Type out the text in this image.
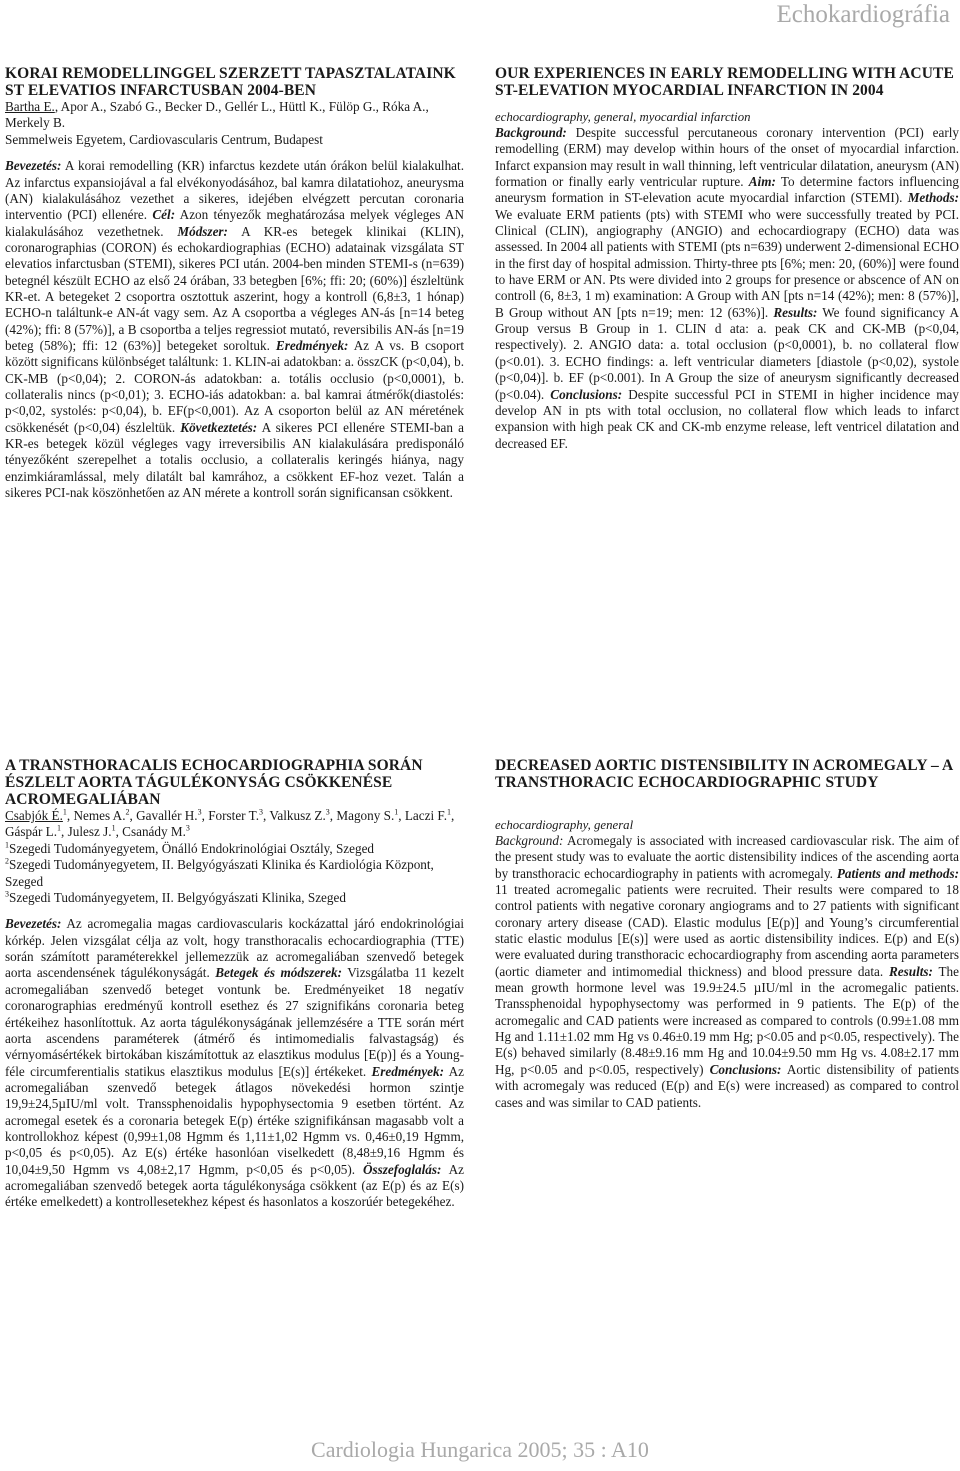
Echokardiográfia
KORAI REMODELLINGGEL SZERZETT TAPASZTALATAINK ST ELEVATIOS INFARCTUSBAN 2004-BEN
Bartha E., Apor A., Szabó G., Becker D., Gellér L., Hüttl K., Fülöp G., Róka A., Merkely B.
Semmelweis Egyetem, Cardiovascularis Centrum, Budapest
Bevezetés: A korai remodelling (KR) infarctus kezdete után órákon belül kialakulhat. Az infarctus expansiojával a fal elvékonyodásához, bal kamra dilatatiohoz, aneurysma (AN) kialakulásához vezethet a sikeres, idejében elvégzett percutan coronaria interventio (PCI) ellenére. Cél: Azon tényezők meghatározása melyek végleges AN kialakulásához vezethetnek. Módszer: A KR-es betegek klinikai (KLIN), coronarographias (CORON) és echokardiographias (ECHO) adatainak vizsgálata ST elevatios infarctusban (STEMI), sikeres PCI után. 2004-ben minden STEMI-s (n=639) betegnél készült ECHO az első 24 órában, 33 betegben [6%; ffi: 20; (60%)] észleltünk KR-et. A betegeket 2 csoportra osztottuk aszerint, hogy a kontroll (6,8±3, 1 hónap) ECHO-n találtunk-e AN-át vagy sem. Az A csoportba a végleges AN-ás [n=14 beteg (42%); ffi: 8 (57%)], a B csoportba a teljes regressiot mutató, reversibilis AN-ás [n=19 beteg (58%); ffi: 12 (63%)] betegeket soroltuk. Eredmények: Az A vs. B csoport között significans különbséget találtunk: 1. KLIN-ai adatokban: a. összCK (p<0,04), b. CK-MB (p<0,04); 2. CORON-ás adatokban: a. totális occlusio (p<0,0001), b. collateralis nincs (p<0,01); 3. ECHO-iás adatokban: a. bal kamrai átmérők(diastolés: p<0,02, systolés: p<0,04), b. EF(p<0,001). Az A csoporton belül az AN méretének csökkenését (p<0,04) észleltük. Következtetés: A sikeres PCI ellenére STEMI-ban a KR-es betegek közül végleges vagy irreversibilis AN kialakulására predisponáló tényezőként szerepelhet a totalis occlusio, a collateralis keringés hiánya, nagy enzimkiáramlással, mely dilatált bal kamrához, a csökkent EF-hoz vezet. Talán a sikeres PCI-nak köszönhetően az AN mérete a kontroll során significansan csökkent.
OUR EXPERIENCES IN EARLY REMODELLING WITH ACUTE ST-ELEVATION MYOCARDIAL INFARCTION IN 2004
echocardiography, general, myocardial infarction
Background: Despite successful percutaneous coronary intervention (PCI) early remodelling (ERM) may develop within hours of the onset of myocardial infarction. Infarct expansion may result in wall thinning, left ventricular dilatation, aneurysm (AN) formation or finally early ventricular rupture. Aim: To determine factors influencing aneurysm formation in ST-elevation acute myocardial infarction (STEMI). Methods: We evaluate ERM patients (pts) with STEMI who were successfully treated by PCI. Clinical (CLIN), angiography (ANGIO) and echocardiograpy (ECHO) data was assessed. In 2004 all patients with STEMI (pts n=639) underwent 2-dimensional ECHO in the first day of hospital admission. Thirty-three pts [6%; men: 20, (60%)] were found to have ERM or AN. Pts were divided into 2 groups for presence or abscence of AN on controll (6, 8±3, 1 m) examination: A Group with AN [pts n=14 (42%); men: 8 (57%)], B Group without AN [pts n=19; men: 12 (63%)]. Results: We found significancy A Group versus B Group in 1. CLIN d ata: a. peak CK and CK-MB (p<0,04, respectively). 2. ANGIO data: a. total occlusion (p<0,0001), b. no collateral flow (p<0.01). 3. ECHO findings: a. left ventricular diameters [diastole (p<0,02), systole (p<0,04)]. b. EF (p<0.001). In A Group the size of aneurysm significantly decreased (p<0.04). Conclusions: Despite successful PCI in STEMI in higher incidence may develop AN in pts with total occlusion, no collateral flow which leads to infarct expansion with high peak CK and CK-mb enzyme release, left ventricel dilatation and decreased EF.
A TRANSTHORACALIS ECHOCARDIOGRAPHIA SORÁN ÉSZLELT AORTA TÁGULÉKONYSÁG CSÖKKENÉSE ACROMEGALIÁBAN
Csabjók É.$^1$, Nemes A.$^2$, Gavallér H.$^3$, Forster T.$^3$, Valkusz Z.$^3$, Magony S.$^1$, Laczi F.$^1$, Gáspár L.$^1$, Julesz J.$^1$, Csanády M.$^3$
$^1$Szegedi Tudományegyetem, Önálló Endokrinológiai Osztály, Szeged
$^2$Szegedi Tudományegyetem, II. Belgyógyászati Klinika és Kardiológia Központ, Szeged
$^3$Szegedi Tudományegyetem, II. Belgyógyászati Klinika, Szeged
Bevezetés: Az acromegalia magas cardiovascularis kockázattal járó endokrinológiai kórkép. Jelen vizsgálat célja az volt, hogy transthoracalis echocardiographia (TTE) során számított paraméterekkel jellemezzük az acromegaliában szenvedő betegek aorta ascendensének tágulékonyságát. Betegek és módszerek: Vizsgálatba 11 kezelt acromegaliában szenvedő beteget vontunk be. Eredményeiket 18 negatív coronarographias eredményű kontroll esethez és 27 szignifikáns coronaria beteg értékeihez hasonlítottuk. Az aorta tágulékonyságának jellemzésére a TTE során mért aorta ascendens paraméterek (átmérő és intimomedialis falvastagság) és vérnyomásértékek birtokában kiszámítottuk az elasztikus modulus [E(p)] és a Young-féle circumferentialis statikus elasztikus modulus [E(s)] értékeket. Eredmények: Az acromegaliában szenvedő betegek átlagos növekedési hormon szintje 19,9±24,5µIU/ml volt. Transsphenoidalis hypophysectomia 9 esetben történt. Az acromegal esetek és a coronaria betegek E(p) értéke szignifikánsan magasabb volt a kontrollokhoz képest (0,99±1,08 Hgmm és 1,11±1,02 Hgmm vs. 0,46±0,19 Hgmm, p<0,05 és p<0,05). Az E(s) értéke hasonlóan viselkedett (8,48±9,16 Hgmm és 10,04±9,50 Hgmm vs 4,08±2,17 Hgmm, p<0,05 és p<0,05). Összefoglalás: Az acromegaliában szenvedő betegek aorta tágulékonysága csökkent (az E(p) és az E(s) értéke emelkedett) a kontrollesetekhez képest és hasonlatos a koszorúér betegekéhez.
DECREASED AORTIC DISTENSIBILITY IN ACROMEGALY – A TRANSTHORACIC ECHOCARDIOGRAPHIC STUDY
echocardiography, general
Background: Acromegaly is associated with increased cardiovascular risk. The aim of the present study was to evaluate the aortic distensibility indices of the ascending aorta by transthoracic echocardiography in patients with acromegaly. Patients and methods: 11 treated acromegalic patients were recruited. Their results were compared to 18 control patients with negative coronary angiograms and to 27 patients with significant coronary artery disease (CAD). Elastic modulus [E(p)] and Young’s circumferential static elastic modulus [E(s)] were used as aortic distensibility indices. E(p) and E(s) were evaluated during transthoracic echocardiography from ascending aorta parameters (aortic diameter and intimomedial thickness) and blood pressure data. Results: The mean growth hormone level was 19.9±24.5 µIU/ml in the acromegalic patients. Transsphenoidal hypophysectomy was performed in 9 patients. The E(p) of the acromegalic and CAD patients were increased as compared to controls (0.99±1.08 mm Hg and 1.11±1.02 mm Hg vs 0.46±0.19 mm Hg; p<0.05 and p<0.05, respectively). The E(s) behaved similarly (8.48±9.16 mm Hg and 10.04±9.50 mm Hg vs. 4.08±2.17 mm Hg, p<0.05 and p<0.05, respectively) Conclusions: Aortic distensibility of patients with acromegaly was reduced (E(p) and E(s) were increased) as compared to control cases and was similar to CAD patients.
Cardiologia Hungarica 2005; 35 : A10
